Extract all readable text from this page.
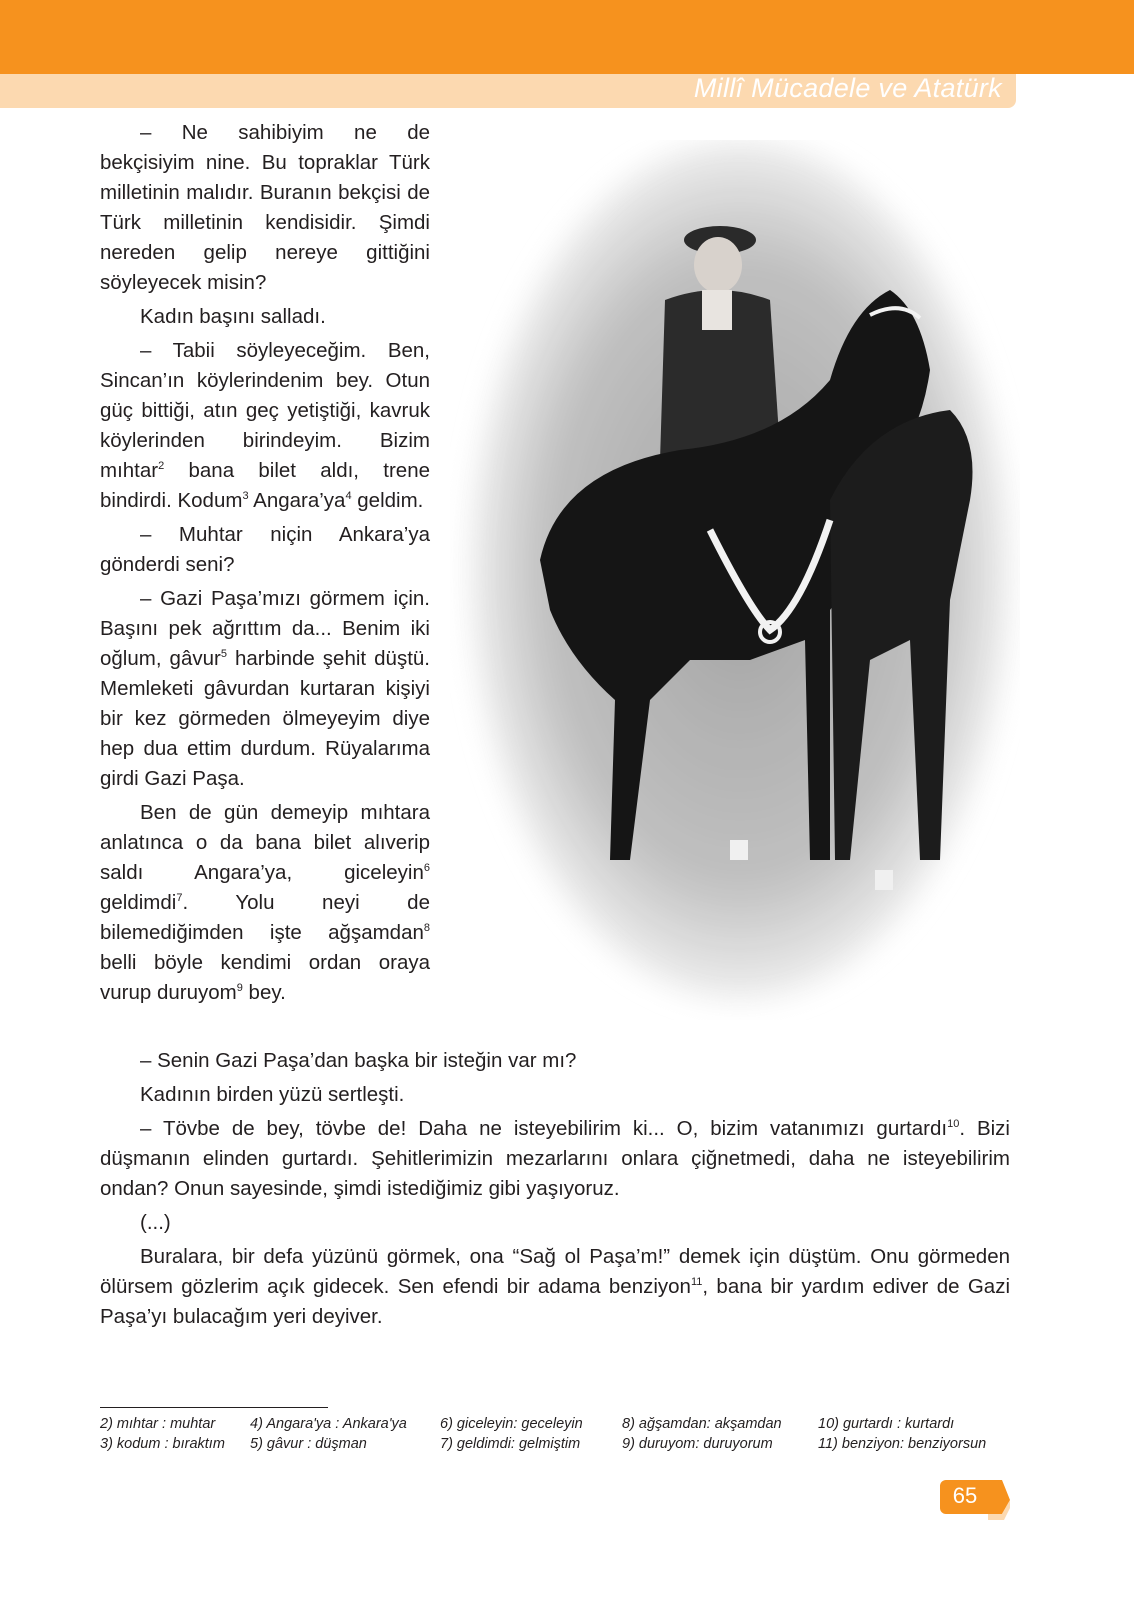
Millî Mücadele ve Atatürk

– Ne sahibiyim ne de bekçisiyim nine. Bu topraklar Türk milletinin malıdır. Buranın bekçisi de Türk milletinin kendisidir. Şimdi nereden gelip nereye gittiğini söyleyecek misin?

Kadın başını salladı.

– Tabii söyleyeceğim. Ben, Sincan’ın köylerindenim bey. Otun güç bittiği, atın geç yetiştiği, kavruk köylerinden birindeyim. Bizim mıhtar$^2$ bana bilet aldı, trene bindirdi. Kodum$^3$ $Angara’ya^4$ geldim.

– Muhtar niçin Ankara’ya gönderdi seni?

– Gazi Paşa’mızı görmem için. Başını pek ağrıttım da... Benim iki oğlum, gâvur$^5$ harbinde şehit düştü. Memleketi gâvurdan kurtaran kişiyi bir kez görmeden ölmeyeyim diye hep dua ettim durdum. Rüyalarıma girdi Gazi Paşa.

Ben de gün demeyip mıhtara anlatınca o da bana bilet alıverip saldı Angara’ya, giceleyin$^6$ geldimdi$^7$. Yolu neyi de bilemediğimden işte ağşamdan$^8$ belli böyle kendimi ordan oraya vurup duruyom$^9$ bey.

– Senin Gazi Paşa’dan başka bir isteğin var mı?

Kadının birden yüzü sertleşti.

– Tövbe de bey, tövbe de! Daha ne isteyebilirim ki... O, bizim vatanımızı gurtardı$^{10}$. Bizi düşmanın elinden gurtardı. Şehitlerimizin mezarlarını onlara çiğnetmedi, daha ne isteyebilirim ondan? Onun sayesinde, şimdi istediğimiz gibi yaşıyoruz.

(...)

Buralara, bir defa yüzünü görmek, ona “Sağ ol Paşa’m!” demek için düştüm. Onu görmeden ölürsem gözlerim açık gidecek. Sen efendi bir adama benziyon$^{11}$, bana bir yardım ediver de Gazi Paşa’yı bulacağım yeri deyiver.

2) mıhtar : muhtar
3) kodum : bıraktım
4) Angara'ya : Ankara'ya
5) gâvur : düşman
6) giceleyin: geceleyin
7) geldimdi: gelmiştim
8) ağşamdan: akşamdan
9) duruyom: duruyorum
10) gurtardı : kurtardı
11) benziyon: benziyorsun
65
